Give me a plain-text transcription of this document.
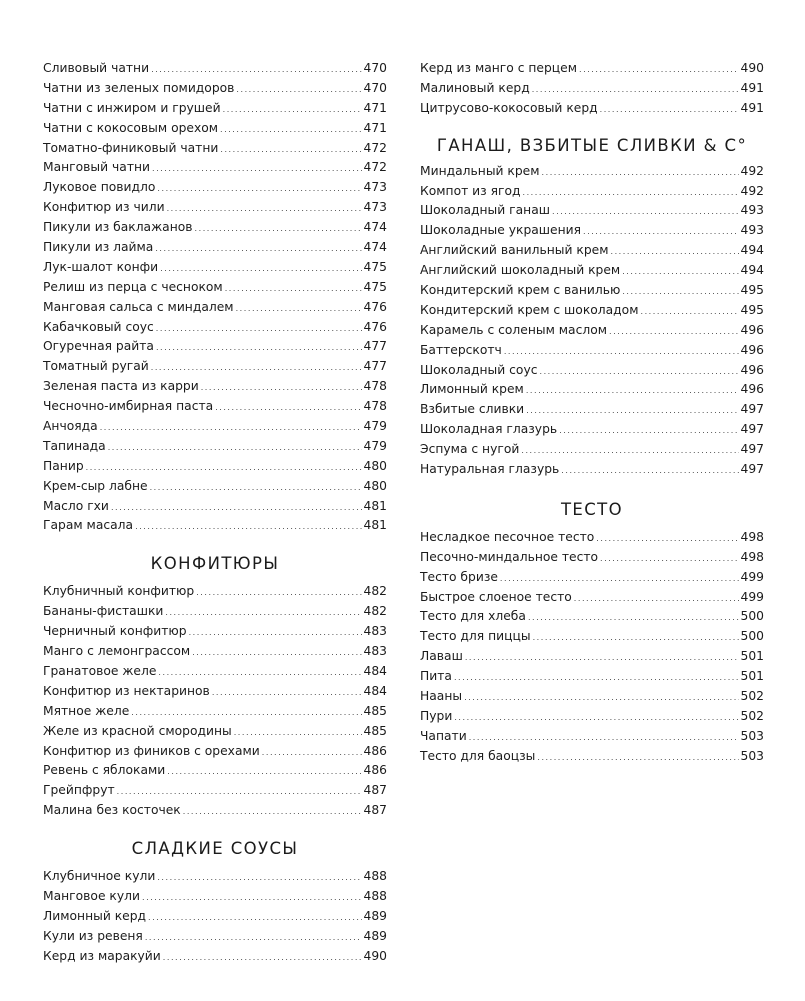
Сливовый чатни . . .	470
Чатни из зеленых помидоров . . .	470
Чатни с инжиром и грушей . . .	471
Чатни с кокосовым орехом . . .	471
Томатно-финиковый чатни . . .	472
Манговый чатни . . .	472
Луковое повидло . . .	473
Конфитюр из чили . . .	473
Пикули из баклажанов . . .	474
Пикули из лайма . . .	474
Лук-шалот конфи . . .	475
Релиш из перца с чесноком . . .	475
Манговая сальса с миндалем . . .	476
Кабачковый соус . . .	476
Огуречная райта . . .	477
Томатный ругай . . .	477
Зеленая паста из карри . . .	478
Чесночно-имбирная паста . . .	478
Анчояда . . .	479
Тапинада . . .	479
Панир . . .	480
Крем-сыр лабне . . .	480
Масло гхи . . .	481
Гарам масала . . .	481
КОНФИТЮРЫ
Клубничный конфитюр . . .	482
Бананы-фисташки . . .	482
Черничный конфитюр . . .	483
Манго с лемонграссом . . .	483
Гранатовое желе . . .	484
Конфитюр из нектаринов . . .	484
Мятное желе . . .	485
Желе из красной смородины . . .	485
Конфитюр из фиников с орехами . . .	486
Ревень с яблоками . . .	486
Грейпфрут . . .	487
Малина без косточек . . .	487
СЛАДКИЕ СОУСЫ
Клубничное кули . . .	488
Манговое кули . . .	488
Лимонный керд . . .	489
Кули из ревеня . . .	489
Керд из маракуйи . . .	490
Керд из манго с перцем . . .	490
Малиновый керд . . .	491
Цитрусово-кокосовый керд . . .	491
ГАНАШ, ВЗБИТЫЕ СЛИВКИ & С°
Миндальный крем . . .	492
Компот из ягод . . .	492
Шоколадный ганаш . . .	493
Шоколадные украшения . . .	493
Английский ванильный крем . . .	494
Английский шоколадный крем . . .	494
Кондитерский крем с ванилью . . .	495
Кондитерский крем с шоколадом . . .	495
Карамель с соленым маслом . . .	496
Баттерскотч . . .	496
Шоколадный соус . . .	496
Лимонный крем . . .	496
Взбитые сливки . . .	497
Шоколадная глазурь . . .	497
Эспума с нугой . . .	497
Натуральная глазурь . . .	497
ТЕСТО
Несладкое песочное тесто . . .	498
Песочно-миндальное тесто . . .	498
Тесто бризе . . .	499
Быстрое слоеное тесто . . .	499
Тесто для хлеба . . .	500
Тесто для пиццы . . .	500
Лаваш . . .	501
Пита . . .	501
Нааны . . .	502
Пури . . .	502
Чапати . . .	503
Тесто для баоцзы . . .	503
